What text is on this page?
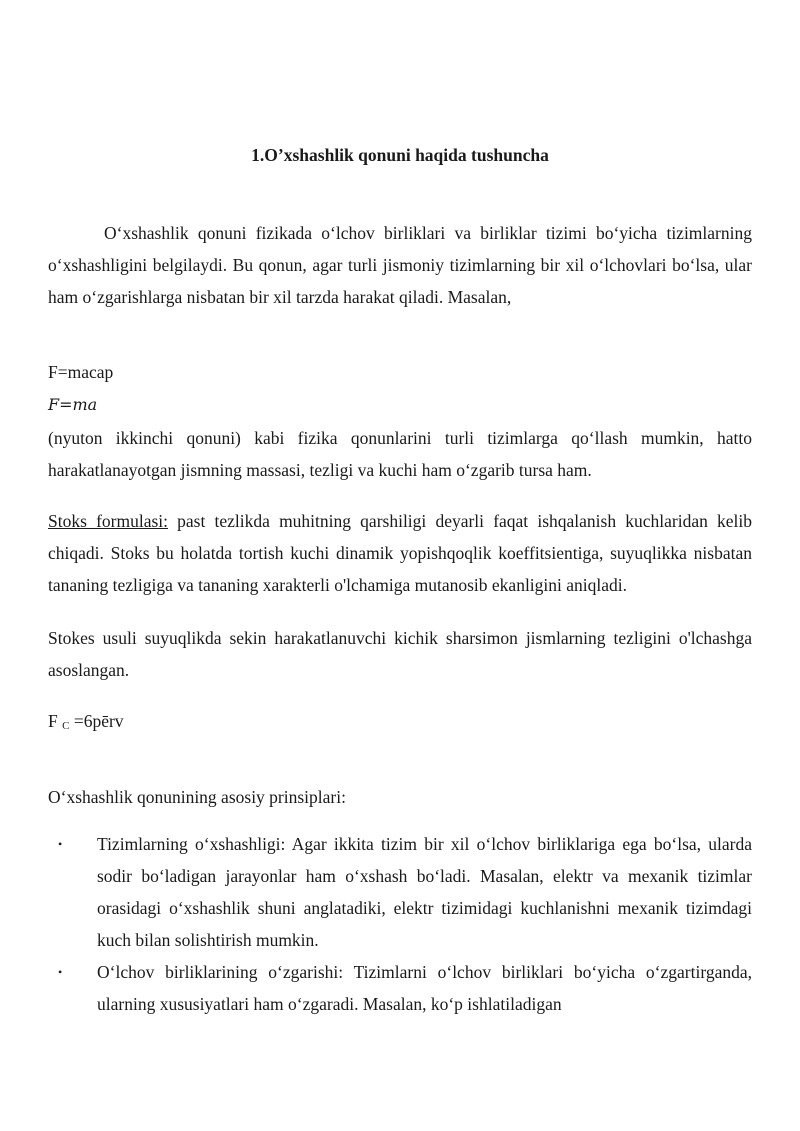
1.O’xshashlik qonuni haqida tushuncha
O‘xshashlik qonuni fizikada o‘lchov birliklari va birliklar tizimi bo‘yicha tizimlarning o‘xshashligini belgilaydi. Bu qonun, agar turli jismoniy tizimlarning bir xil o‘lchovlari bo‘lsa, ular ham o‘zgarishlarga nisbatan bir xil tarzda harakat qiladi. Masalan,
F=macap
F=ma
(nyuton ikkinchi qonuni) kabi fizika qonunlarini turli tizimlarga qo‘llash mumkin, hatto harakatlanayotgan jismning massasi, tezligi va kuchi ham o‘zgarib tursa ham.
Stoks formulasi: past tezlikda muhitning qarshiligi deyarli faqat ishqalanish kuchlaridan kelib chiqadi. Stoks bu holatda tortish kuchi dinamik yopishqoqlik koeffitsientiga, suyuqlikka nisbatan tananing tezligiga va tananing xarakterli o'lchamiga mutanosib ekanligini aniqladi.
Stokes usuli suyuqlikda sekin harakatlanuvchi kichik sharsimon jismlarning tezligini o'lchashga asoslangan.
F C =6pērv
O‘xshashlik qonunining asosiy prinsiplari:
• Tizimlarning o‘xshashligi: Agar ikkita tizim bir xil o‘lchov birliklariga ega bo‘lsa, ularda sodir bo‘ladigan jarayonlar ham o‘xshash bo‘ladi. Masalan, elektr va mexanik tizimlar orasidagi o‘xshashlik shuni anglatadiki, elektr tizimidagi kuchlanishni mexanik tizimdagi kuch bilan solishtirish mumkin.
• O‘lchov birliklarining o‘zgarishi: Tizimlarni o‘lchov birliklari bo‘yicha o‘zgartirganda, ularning xususiyatlari ham o‘zgaradi. Masalan, ko‘p ishlatiladigan
